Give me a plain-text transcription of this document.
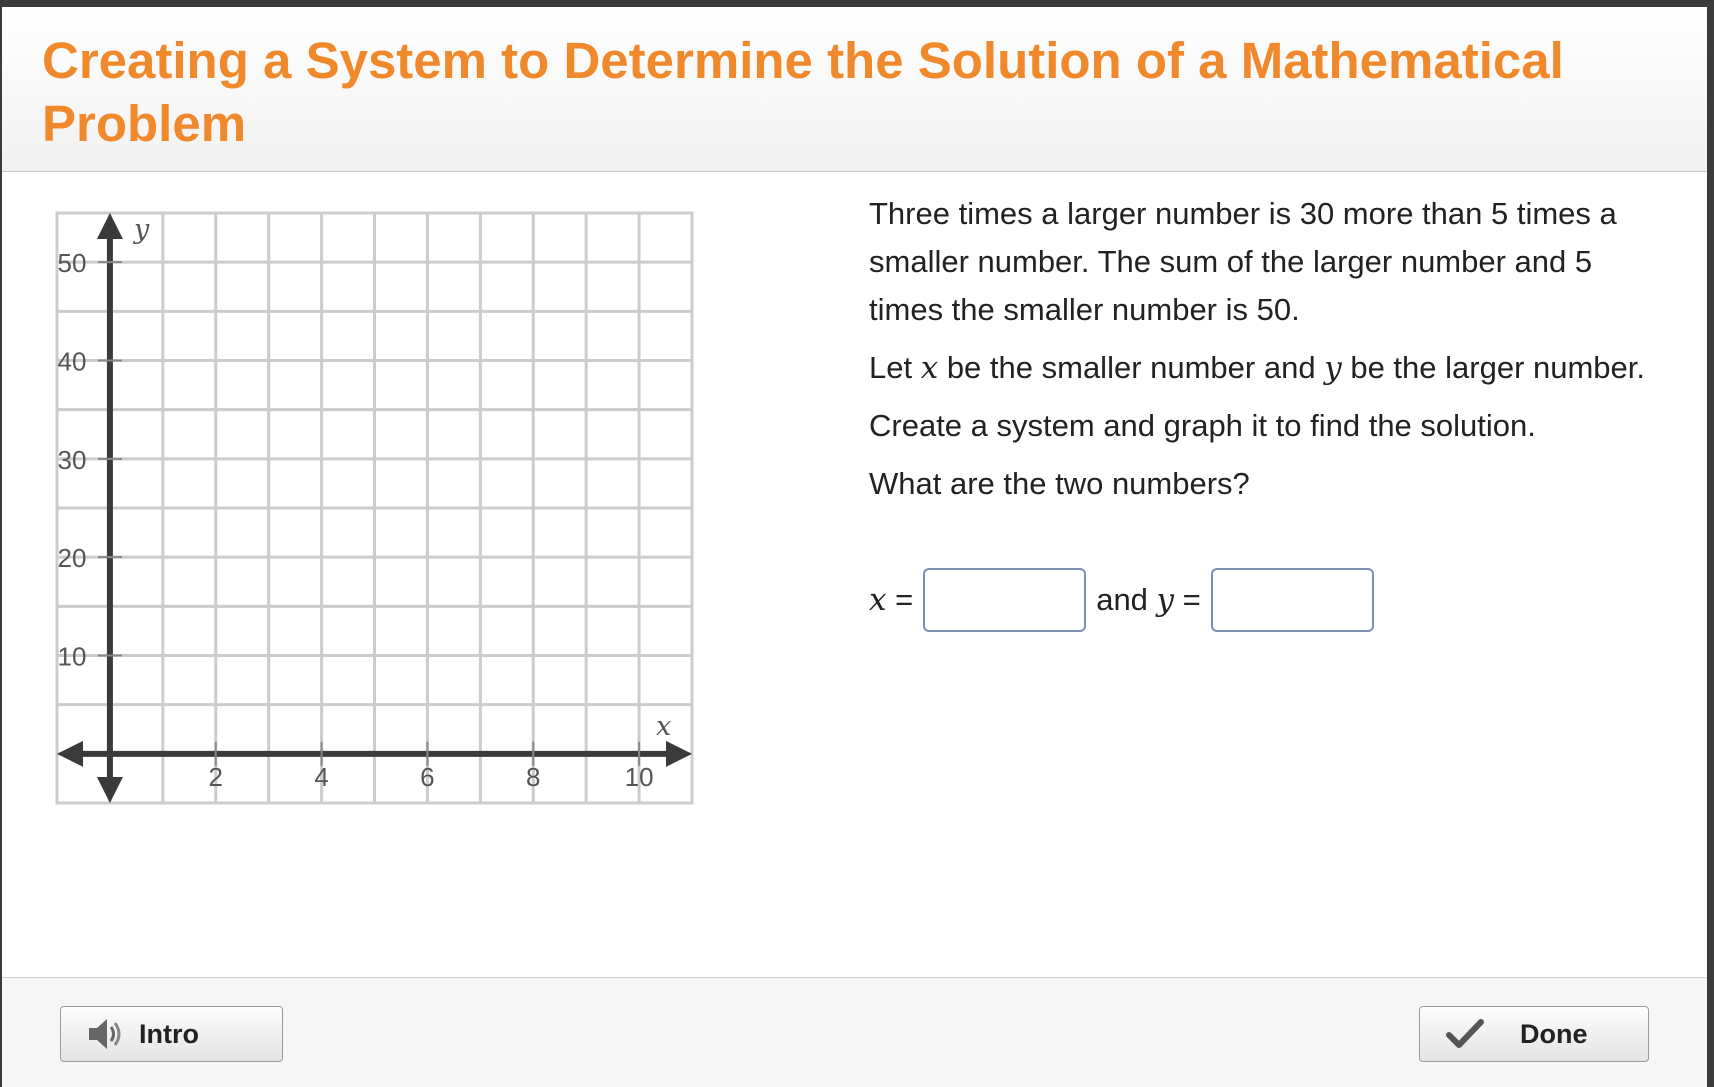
Creating a System to Determine the Solution of a Mathematical Problem
y
x
50
40
30
20
10
2	4	6	8	10

Three times a larger number is 30 more than 5 times a smaller number. The sum of the larger number and 5 times the smaller number is 50.

Let x be the smaller number and y be the larger number.

Create a system and graph it to find the solution.

What are the two numbers?

x =	and y =
Intro	Done
